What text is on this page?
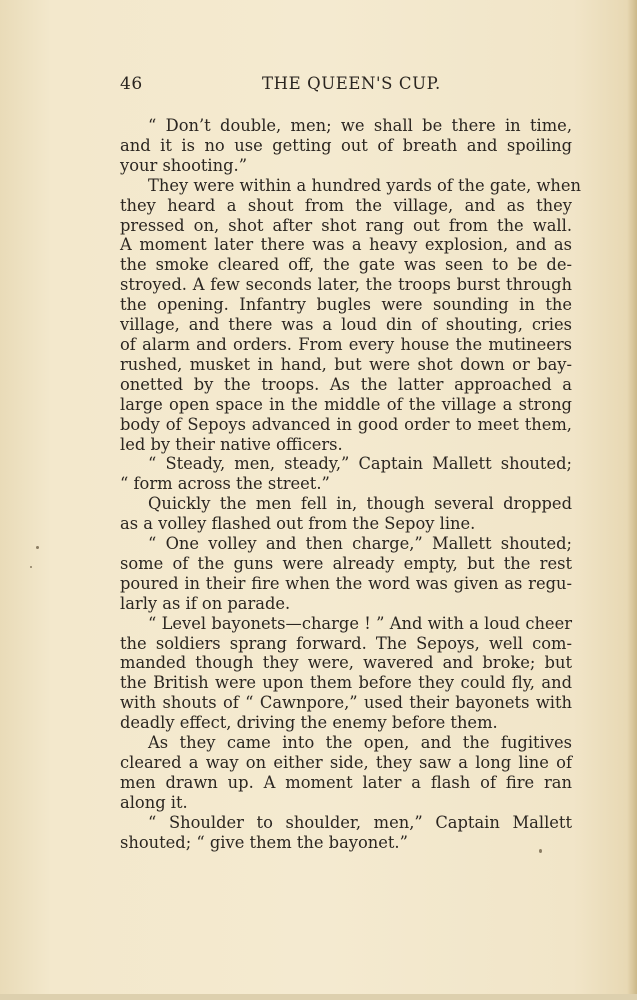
46	THE QUEEN'S CUP.
“ Don’t double, men; we shall be there in time,
and it is no use getting out of breath and spoiling
your shooting.”
They were within a hundred yards of the gate, when
they heard a shout from the village, and as they
pressed on, shot after shot rang out from the wall.
A moment later there was a heavy explosion, and as
the smoke cleared off, the gate was seen to be de-
stroyed. A few seconds later, the troops burst through
the opening. Infantry bugles were sounding in the
village, and there was a loud din of shouting, cries
of alarm and orders. From every house the mutineers
rushed, musket in hand, but were shot down or bay-
onetted by the troops. As the latter approached a
large open space in the middle of the village a strong
body of Sepoys advanced in good order to meet them,
led by their native officers.
“ Steady, men, steady,” Captain Mallett shouted;
“ form across the street.”
Quickly the men fell in, though several dropped
as a volley flashed out from the Sepoy line.
“ One volley and then charge,” Mallett shouted;
some of the guns were already empty, but the rest
poured in their fire when the word was given as regu-
larly as if on parade.
“ Level bayonets—charge ! ” And with a loud cheer
the soldiers sprang forward. The Sepoys, well com-
manded though they were, wavered and broke; but
the British were upon them before they could fly, and
with shouts of “ Cawnpore,” used their bayonets with
deadly effect, driving the enemy before them.
As they came into the open, and the fugitives
cleared a way on either side, they saw a long line of
men drawn up. A moment later a flash of fire ran
along it.
“ Shoulder to shoulder, men,” Captain Mallett
shouted; “ give them the bayonet.”
